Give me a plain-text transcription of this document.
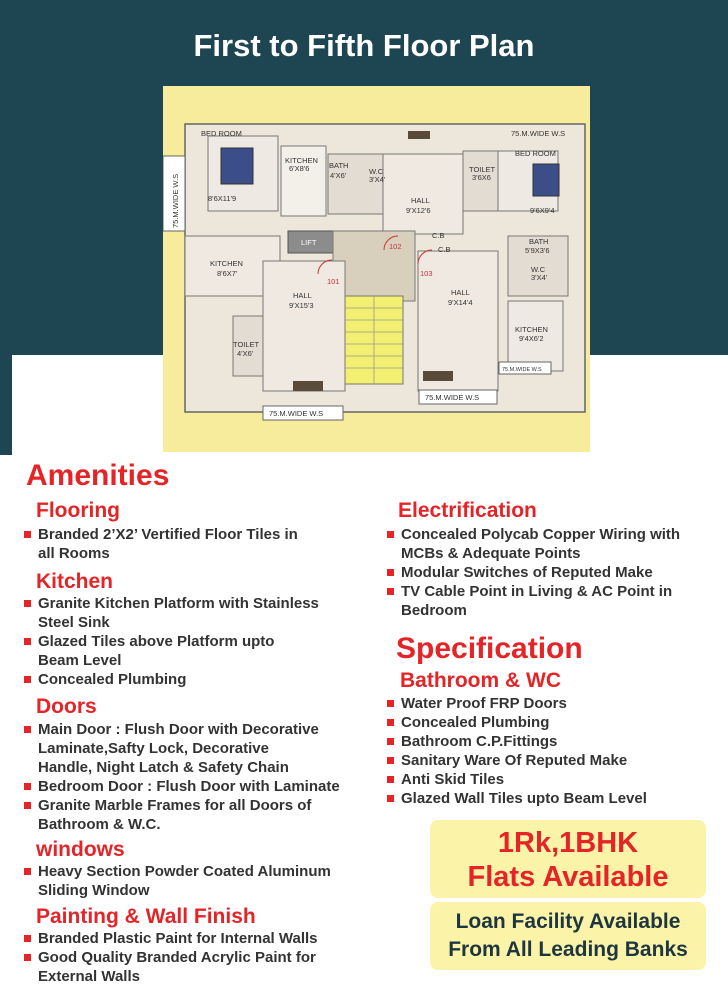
First to Fifth Floor Plan
BED ROOM
8'6X11'9
KITCHEN
6'X8'6	BATH
4'X6'	W.C
3'X4'
HALL
9'X12'6
TOILET
3'6X6
75.M.WIDE W.S
BED ROOM
9'6X9'4
75.M.WIDE W.S
C.B
LIFT	102
KITCHEN
8'6X7'
101
103
C.B
BATH
5'9X3'6
W.C
3'X4'
HALL
9'X15'3
HALL
9'X14'4
TOILET
4'X6'
KITCHEN
9'4X6'2
75.M.WIDE W.S
75.M.WIDE W.S
75.M.WIDE W.S
Amenities
Flooring
Branded 2’X2’ Vertified Floor Tiles in
all Rooms
Kitchen
Granite Kitchen Platform with Stainless
Steel Sink
Glazed Tiles above Platform upto
Beam Level
Concealed Plumbing
Doors
Main Door : Flush Door with Decorative
Laminate,Safty Lock, Decorative
Handle, Night Latch & Safety Chain
Bedroom Door : Flush Door with Laminate
Granite Marble Frames for all Doors of
Bathroom & W.C.
windows
Heavy Section Powder Coated Aluminum
Sliding Window
Painting & Wall Finish
Branded Plastic Paint for Internal Walls
Good Quality Branded Acrylic Paint for
External Walls
Electrification
Concealed Polycab Copper Wiring with
MCBs & Adequate Points
Modular Switches of Reputed Make
TV Cable Point in Living & AC Point in
Bedroom
Specification
Bathroom & WC
Water Proof FRP Doors
Concealed Plumbing
Bathroom C.P.Fittings
Sanitary Ware Of Reputed Make
Anti Skid Tiles
Glazed Wall Tiles upto Beam Level
1Rk,1BHK
Flats Available
Loan Facility Available
From All Leading Banks
